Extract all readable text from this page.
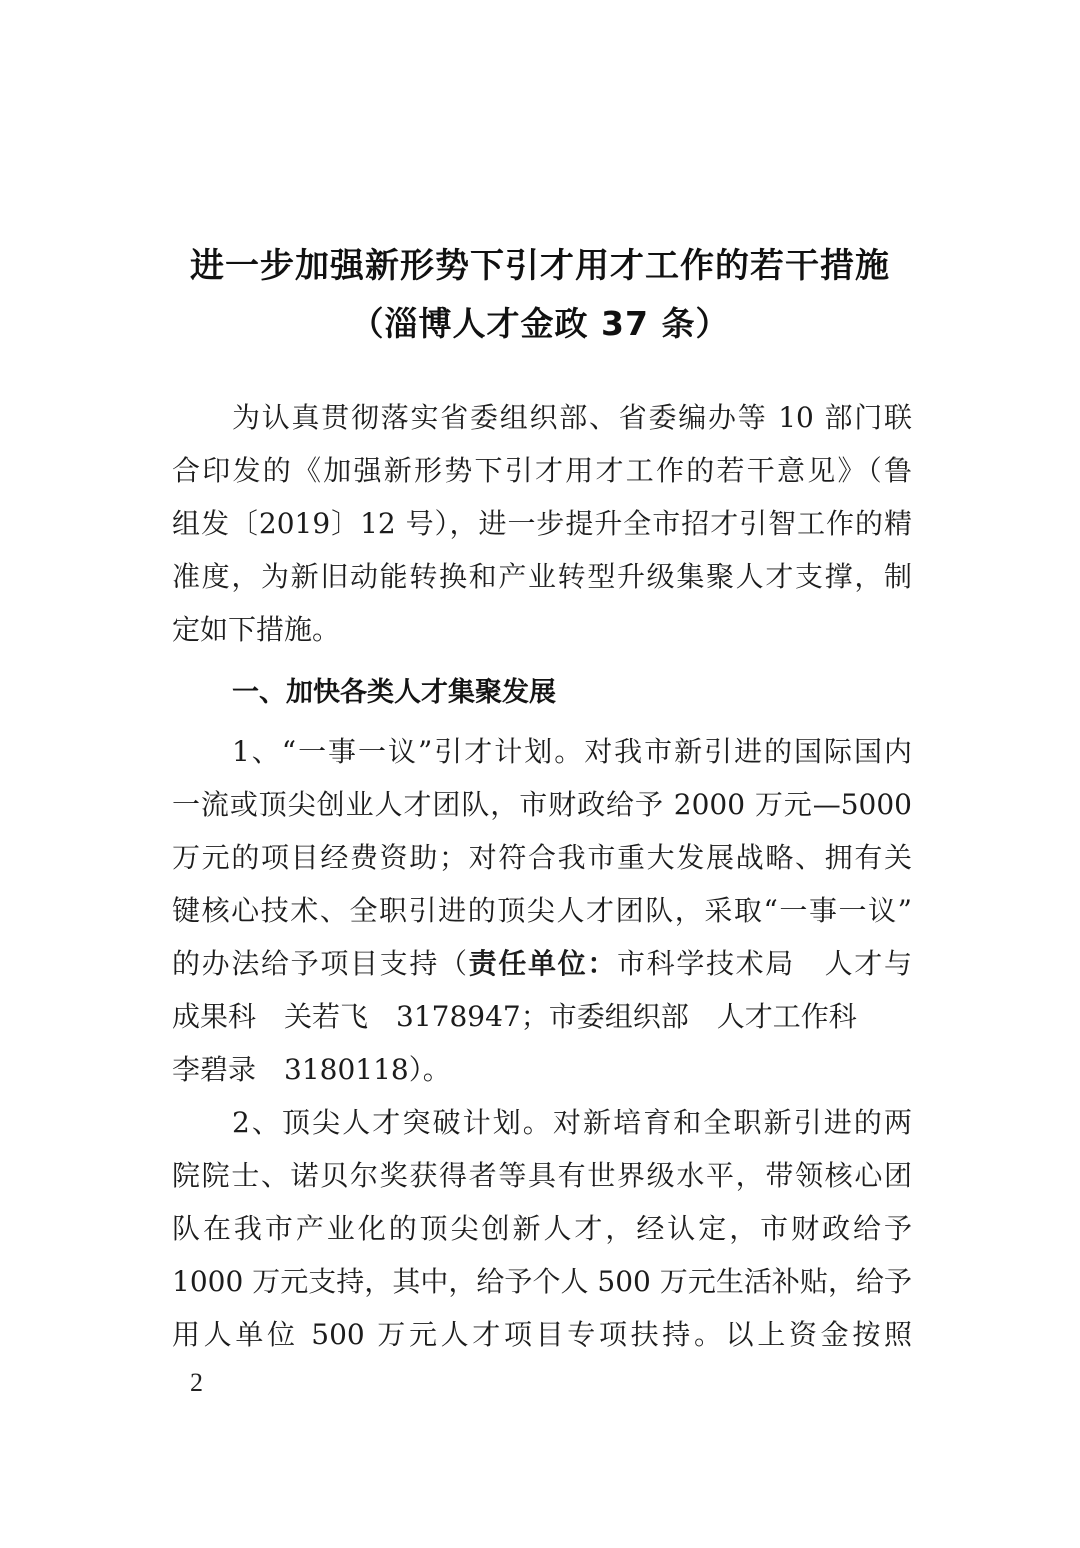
进一步加强新形势下引才用才工作的若干措施
（淄博人才金政 37 条）
为认真贯彻落实省委组织部、省委编办等 10 部门联
合印发的《加强新形势下引才用才工作的若干意见》（鲁
组发〔2019〕12 号），进一步提升全市招才引智工作的精
准度，为新旧动能转换和产业转型升级集聚人才支撑，制
定如下措施。
一、加快各类人才集聚发展
1、“一事一议”引才计划。对我市新引进的国际国内
一流或顶尖创业人才团队，市财政给予 2000 万元—5000
万元的项目经费资助；对符合我市重大发展战略、拥有关
键核心技术、全职引进的顶尖人才团队，采取“一事一议”
的办法给予项目支持（责任单位：市科学技术局　人才与
成果科　关若飞　3178947；市委组织部　人才工作科
李碧录　3180118）。
2、顶尖人才突破计划。对新培育和全职新引进的两
院院士、诺贝尔奖获得者等具有世界级水平，带领核心团
队在我市产业化的顶尖创新人才，经认定，市财政给予
1000 万元支持，其中，给予个人 500 万元生活补贴，给予
用人单位 500 万元人才项目专项扶持。以上资金按照
2
